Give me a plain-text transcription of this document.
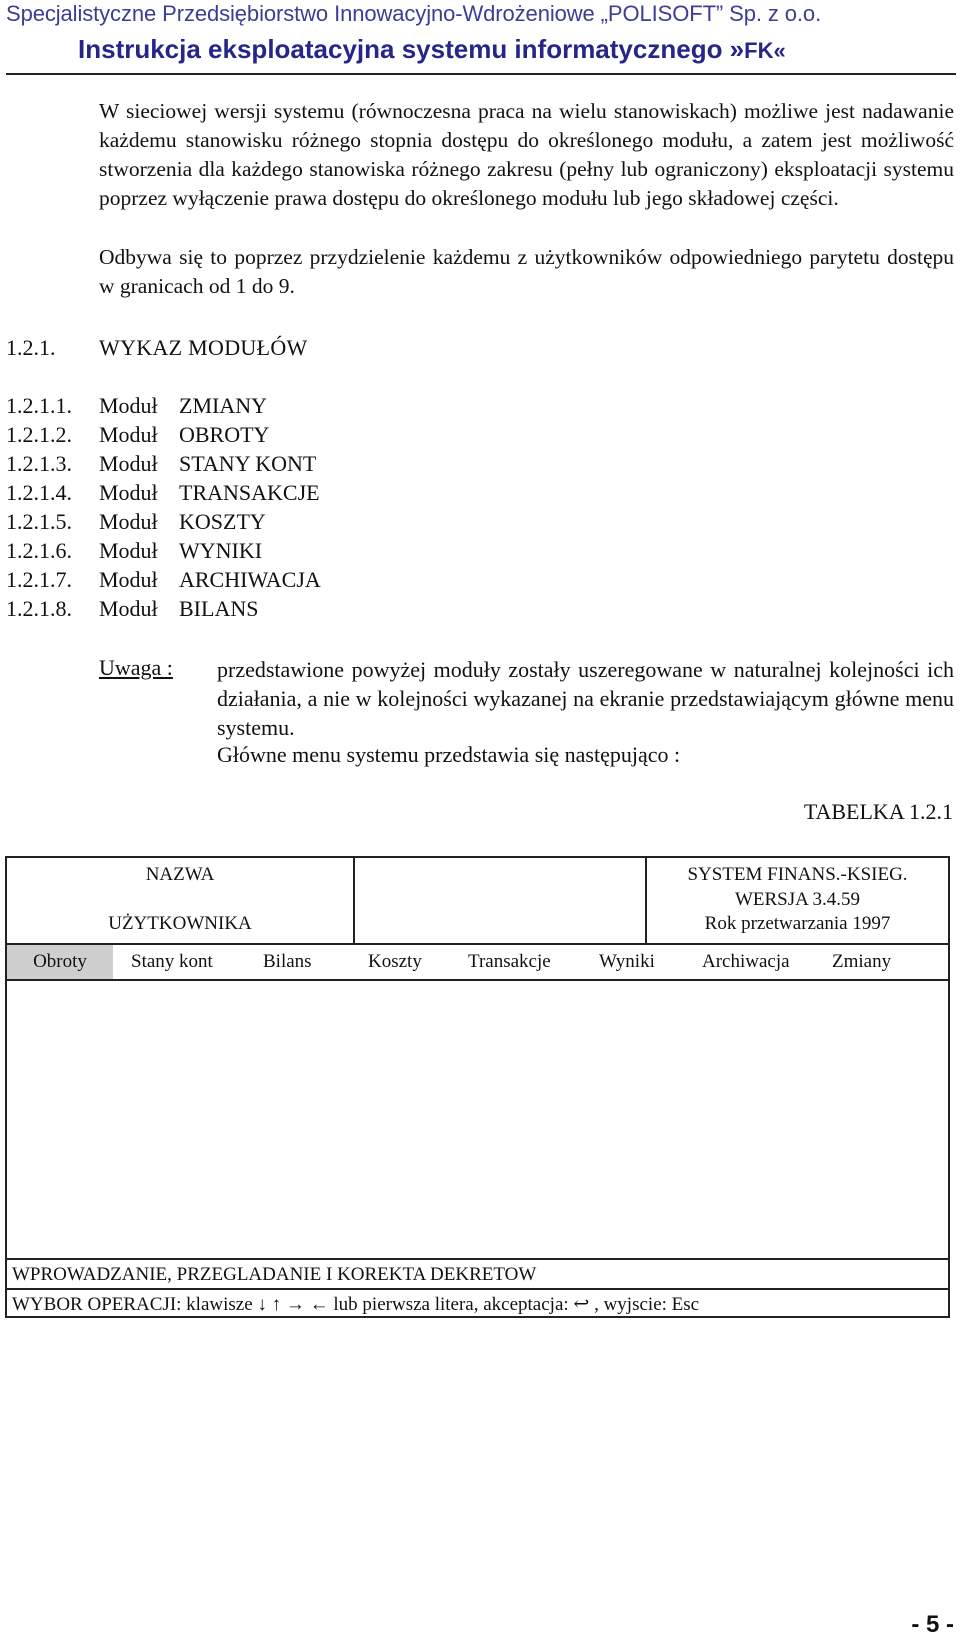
Specjalistyczne Przedsiębiorstwo Innowacyjno-Wdrożeniowe „POLISOFT” Sp. z o.o.
Instrukcja eksploatacyjna systemu informatycznego »FK«

W sieciowej wersji systemu (równoczesna praca na wielu stanowiskach) możliwe jest nadawanie każdemu stanowisku różnego stopnia dostępu do określonego modułu, a zatem jest możliwość stworzenia dla każdego stanowiska różnego zakresu (pełny lub ograniczony) eksploatacji systemu poprzez wyłączenie prawa dostępu do określonego modułu lub jego składowej części.

Odbywa się to poprzez przydzielenie każdemu z użytkowników odpowiedniego parytetu dostępu w granicach od 1 do 9.

1.2.1. WYKAZ MODUŁÓW
1.2.1.1. Moduł ZMIANY
1.2.1.2. Moduł OBROTY
1.2.1.3. Moduł STANY KONT
1.2.1.4. Moduł TRANSAKCJE
1.2.1.5. Moduł KOSZTY
1.2.1.6. Moduł WYNIKI
1.2.1.7. Moduł ARCHIWACJA
1.2.1.8. Moduł BILANS
Uwaga : przedstawione powyżej moduły zostały uszeregowane w naturalnej kolejności ich działania, a nie w kolejności wykazanej na ekranie przedstawiającym główne menu systemu.

Główne menu systemu przedstawia się następująco :
TABELKA 1.2.1
NAZWA
UŻYTKOWNIKA
SYSTEM FINANS.-KSIEG.
WERSJA 3.4.59
Rok przetwarzania 1997
Obroty	Stany kont	Bilans	Koszty Transakcje	Wyniki Archiwacja Zmiany
WPROWADZANIE, PRZEGLADANIE I KOREKTA DEKRETOW
WYBOR OPERACJI: klawisze ↓ ↑ → ← lub pierwsza litera, akceptacja: ↩ , wyjscie: Esc
- 5 -
